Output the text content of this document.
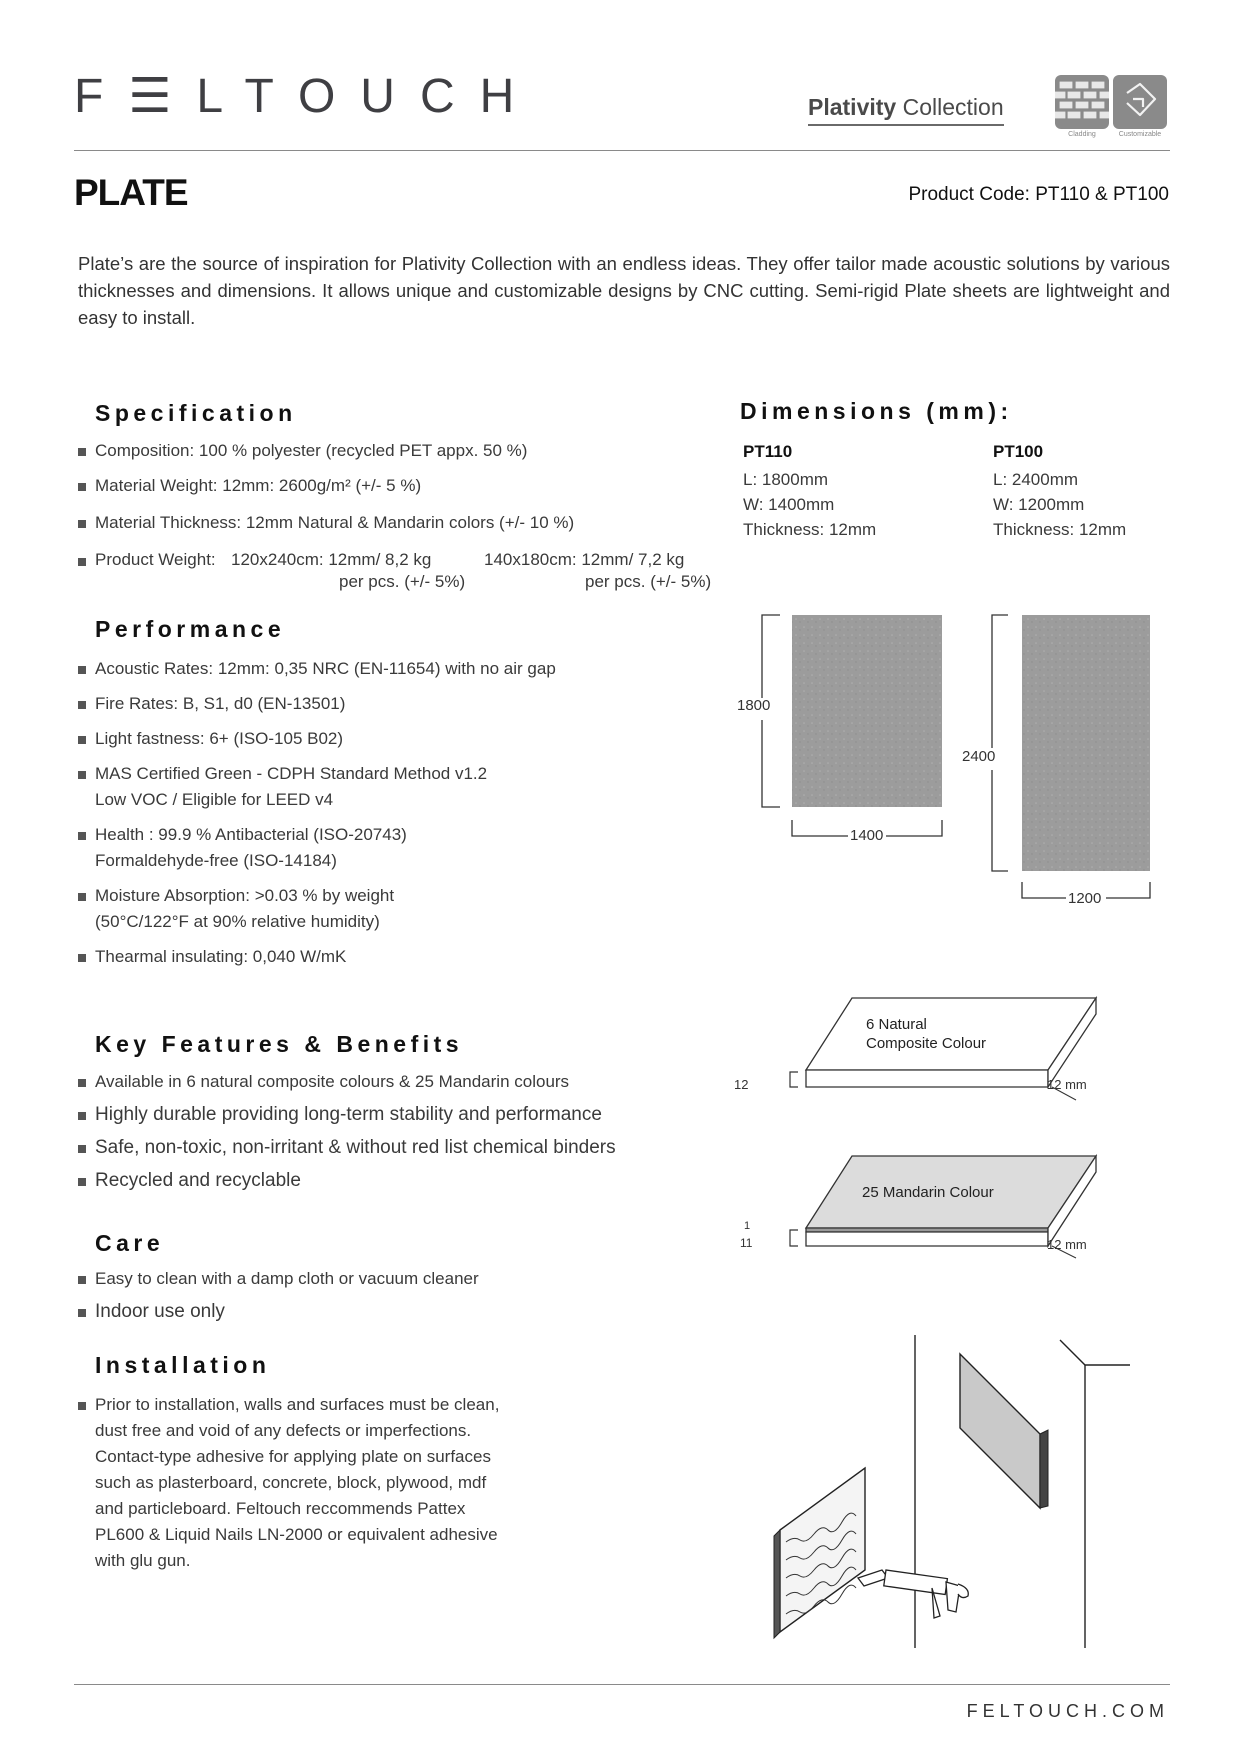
F☰LTOUCH	Plativity Collection
Cladding	Customizable
PLATE	Product Code: PT110 & PT100
Plate’s are the source of inspiration for Plativity Collection with an endless ideas. They offer tailor made acoustic solutions by various thicknesses and dimensions. It allows unique and customizable designs by CNC cutting. Semi-rigid Plate sheets are lightweight and easy to install.
Specification
Composition: 100 % polyester (recycled PET appx. 50 %)
Material Weight: 12mm: 2600g/m² (+/- 5 %)
Material Thickness: 12mm Natural & Mandarin colors (+/- 10 %)
Product Weight: 120x240cm: 12mm/ 8,2 kg
per pcs. (+/- 5%)
140x180cm: 12mm/ 7,2 kg
per pcs. (+/- 5%)
Performance
Acoustic Rates: 12mm: 0,35 NRC (EN-11654) with no air gap
Fire Rates: B, S1, d0 (EN-13501)
Light fastness: 6+ (ISO-105 B02)
MAS Certified Green - CDPH Standard Method v1.2
Low VOC / Eligible for LEED v4
Health : 99.9 % Antibacterial (ISO-20743)
Formaldehyde-free (ISO-14184)
Moisture Absorption: >0.03 % by weight
(50°C/122°F at 90% relative humidity)
Thearmal insulating: 0,040 W/mK
Key Features & Benefits
Available in 6 natural composite colours & 25 Mandarin colours
Highly durable providing long-term stability and performance
Safe, non-toxic, non-irritant & without red list chemical binders
Recycled and recyclable
Care
Easy to clean with a damp cloth or vacuum cleaner
Indoor use only
Installation
Prior to installation, walls and surfaces must be clean, dust free and void of any defects or imperfections. Contact-type adhesive for applying plate on surfaces such as plasterboard, concrete, block, plywood, mdf and particleboard. Feltouch reccommends Pattex PL600 & Liquid Nails LN-2000 or equivalent adhesive with glu gun.
Dimensions (mm):
PT110
L: 1800mm
W: 1400mm
Thickness: 12mm
PT100
L: 2400mm
W: 1200mm
Thickness: 12mm
1800
1400
2400
1200
6 Natural
Composite Colour
12	12 mm
25 Mandarin Colour
1
11	12 mm
FELTOUCH.COM
